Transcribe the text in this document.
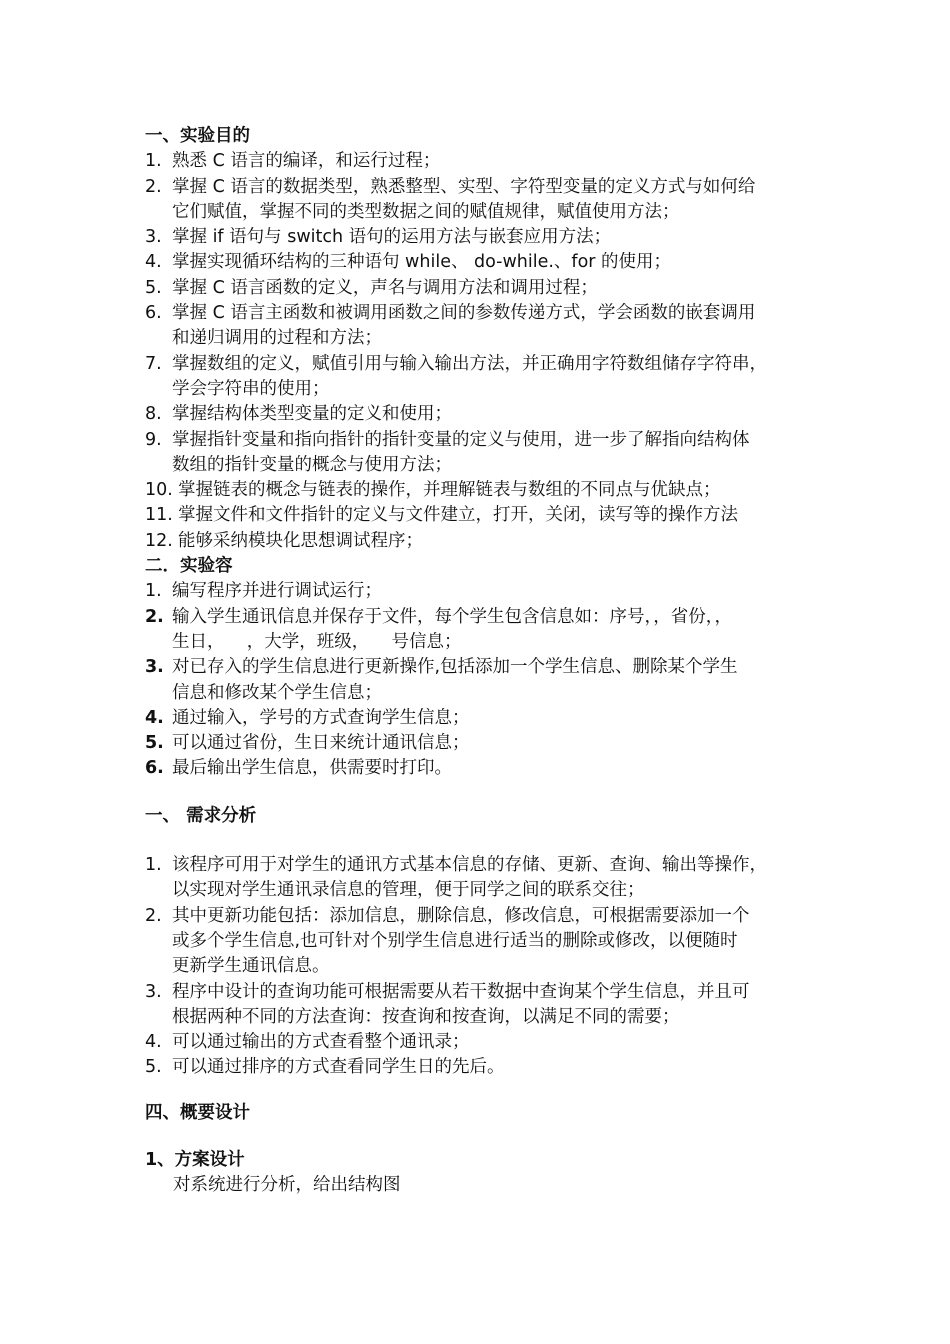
一、实验目的
1. 熟悉 C 语言的编译，和运行过程；
2. 掌握 C 语言的数据类型，熟悉整型、实型、字符型变量的定义方式与如何给
它们赋值，掌握不同的类型数据之间的赋值规律，赋值使用方法；
3. 掌握 if 语句与 switch 语句的运用方法与嵌套应用方法；
4. 掌握实现循环结构的三种语句 while、 do-while.、for 的使用；
5. 掌握 C 语言函数的定义，声名与调用方法和调用过程；
6. 掌握 C 语言主函数和被调用函数之间的参数传递方式，学会函数的嵌套调用
和递归调用的过程和方法；
7. 掌握数组的定义，赋值引用与输入输出方法，并正确用字符数组储存字符串，
学会字符串的使用；
8. 掌握结构体类型变量的定义和使用；
9. 掌握指针变量和指向指针的指针变量的定义与使用，进一步了解指向结构体
数组的指针变量的概念与使用方法；
10. 掌握链表的概念与链表的操作，并理解链表与数组的不同点与优缺点；
11. 掌握文件和文件指针的定义与文件建立，打开，关闭，读写等的操作方法
12. 能够采纳模块化思想调试程序；
二．实验容
1. 编写程序并进行调试运行；
2. 输入学生通讯信息并保存于文件，每个学生包含信息如：序号，，省份，，
生日，    ，大学，班级，    号信息；
3. 对已存入的学生信息进行更新操作,包括添加一个学生信息、删除某个学生
信息和修改某个学生信息；
4. 通过输入，学号的方式查询学生信息；
5. 可以通过省份，生日来统计通讯信息；
6. 最后输出学生信息，供需要时打印。
一、 需求分析
1. 该程序可用于对学生的通讯方式基本信息的存储、更新、查询、输出等操作，
以实现对学生通讯录信息的管理，便于同学之间的联系交往；
2. 其中更新功能包括：添加信息，删除信息，修改信息，可根据需要添加一个
或多个学生信息,也可针对个别学生信息进行适当的删除或修改，以便随时
更新学生通讯信息。
3. 程序中设计的查询功能可根据需要从若干数据中查询某个学生信息，并且可
根据两种不同的方法查询：按查询和按查询，以满足不同的需要；
4. 可以通过输出的方式查看整个通讯录；
5. 可以通过排序的方式查看同学生日的先后。
四、概要设计
1、方案设计
对系统进行分析，给出结构图
